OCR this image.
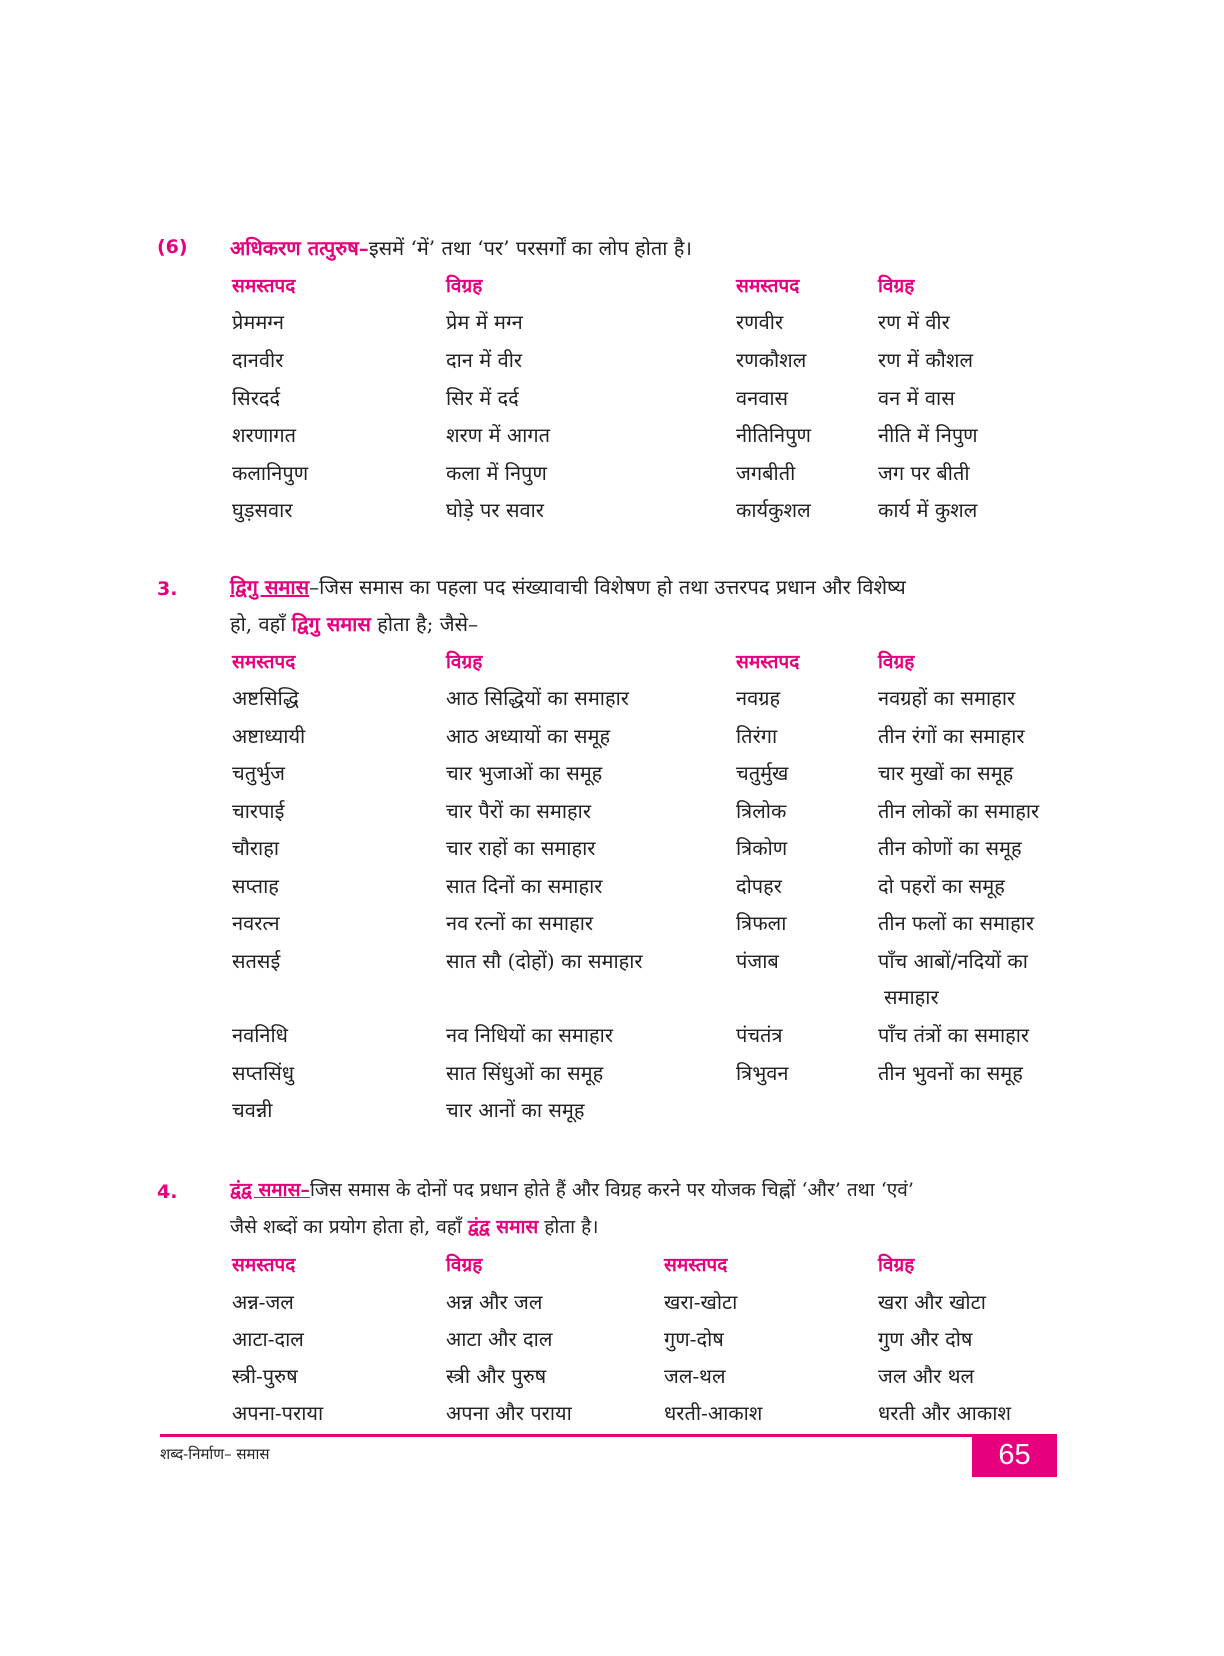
(6) अधिकरण तत्पुरुष–इसमें ‘में’ तथा ‘पर’ परसर्गों का लोप होता है।
समस्तपद	विग्रह	समस्तपद	विग्रह
प्रेममग्न	प्रेम में मग्न	रणवीर	रण में वीर
दानवीर	दान में वीर	रणकौशल	रण में कौशल
सिरदर्द	सिर में दर्द	वनवास	वन में वास
शरणागत	शरण में आगत	नीतिनिपुण	नीति में निपुण
कलानिपुण	कला में निपुण	जगबीती	जग पर बीती
घुड़सवार	घोड़े पर सवार	कार्यकुशल	कार्य में कुशल
3.	द्विगु समास–जिस समास का पहला पद संख्यावाची विशेषण हो तथा उत्तरपद प्रधान और विशेष्य
हो, वहाँ द्विगु समास होता है; जैसे–
समस्तपद	विग्रह	समस्तपद	विग्रह
अष्टसिद्धि	आठ सिद्धियों का समाहार	नवग्रह	नवग्रहों का समाहार
अष्टाध्यायी	आठ अध्यायों का समूह	तिरंगा	तीन रंगों का समाहार
चतुर्भुज	चार भुजाओं का समूह	चतुर्मुख	चार मुखों का समूह
चारपाई	चार पैरों का समाहार	त्रिलोक	तीन लोकों का समाहार
चौराहा	चार राहों का समाहार	त्रिकोण	तीन कोणों का समूह
सप्ताह	सात दिनों का समाहार	दोपहर	दो पहरों का समूह
नवरत्न	नव रत्नों का समाहार	त्रिफला	तीन फलों का समाहार
सतसई	सात सौ (दोहों) का समाहार	पंजाब	पाँच आबों/नदियों का
समाहार
नवनिधि	नव निधियों का समाहार	पंचतंत्र	पाँच तंत्रों का समाहार
सप्तसिंधु	सात सिंधुओं का समूह	त्रिभुवन	तीन भुवनों का समूह
चवन्नी	चार आनों का समूह
4.	द्वंद्व समास–जिस समास के दोनों पद प्रधान होते हैं और विग्रह करने पर योजक चिह्नों ‘और’ तथा ‘एवं’
जैसे शब्दों का प्रयोग होता हो, वहाँ द्वंद्व समास होता है।
समस्तपद	विग्रह	समस्तपद	विग्रह
अन्न-जल	अन्न और जल	खरा-खोटा	खरा और खोटा
आटा-दाल	आटा और दाल	गुण-दोष	गुण और दोष
स्त्री-पुरुष	स्त्री और पुरुष	जल-थल	जल और थल
अपना-पराया	अपना और पराया	धरती-आकाश	धरती और आकाश
शब्द-निर्माण– समास	65
